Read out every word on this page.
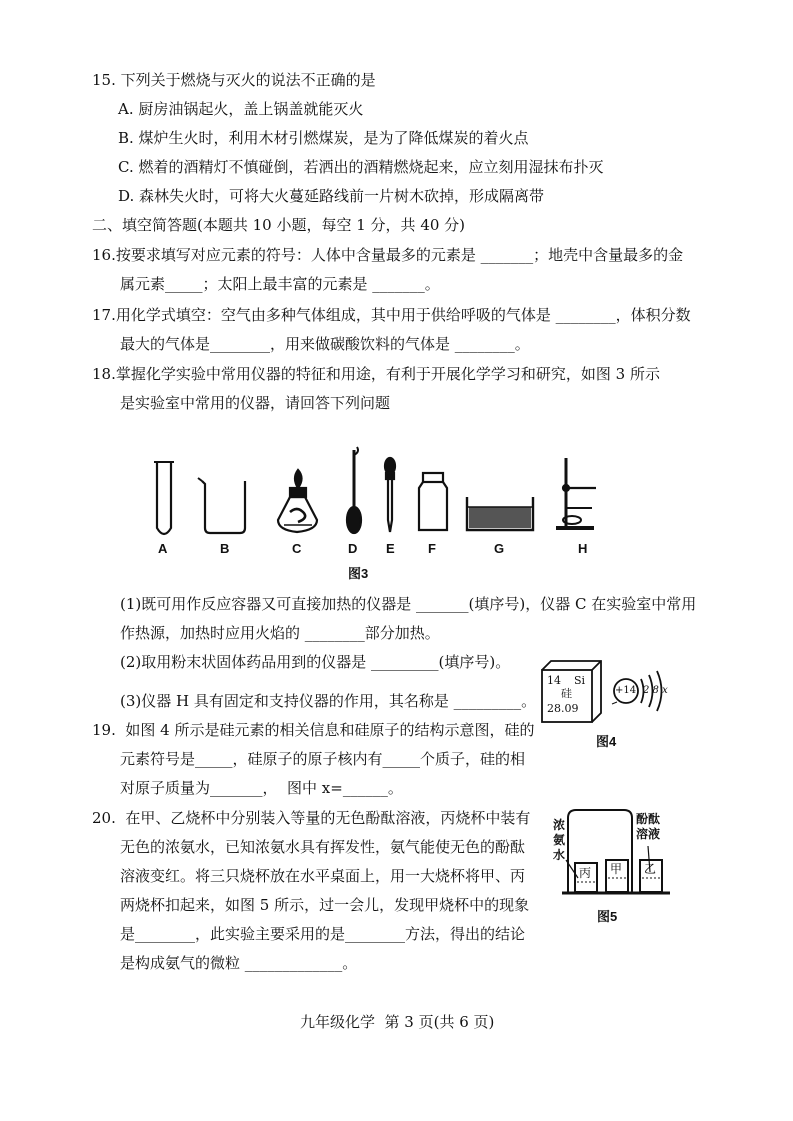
15. 下列关于燃烧与灭火的说法不正确的是
A. 厨房油锅起火，盖上锅盖就能灭火
B. 煤炉生火时，利用木材引燃煤炭，是为了降低煤炭的着火点
C. 燃着的酒精灯不慎碰倒，若洒出的酒精燃烧起来，应立刻用湿抹布扑灭
D. 森林失火时，可将大火蔓延路线前一片树木砍掉，形成隔离带
二、填空简答题(本题共 10 小题，每空 1 分，共 40 分)
16.按要求填写对应元素的符号：人体中含量最多的元素是 _______；地壳中含量最多的金
属元素_____；太阳上最丰富的元素是 _______。
17.用化学式填空：空气由多种气体组成，其中用于供给呼吸的气体是 ________，体积分数
最大的气体是________，用来做碳酸饮料的气体是 ________。
18.掌握化学实验中常用仪器的特征和用途，有利于开展化学学习和研究，如图 3 所示
是实验室中常用的仪器，请回答下列问题
A	B	C	D E	F	G	H
图3
(1)既可用作反应容器又可直接加热的仪器是 _______(填序号)，仪器 C 在实验室中常用
作热源，加热时应用火焰的 ________部分加热。
(2)取用粉末状固体药品用到的仪器是 _________(填序号)。
(3)仪器 H 具有固定和支持仪器的作用，其名称是 _________。
14 Si
硅
28.09
+14 2 8 x
图4
19.  如图 4 所示是硅元素的相关信息和硅原子的结构示意图，硅的
元素符号是_____，硅原子的原子核内有_____个质子，硅的相
对原子质量为_______，  图中 x=______。
20.  在甲、乙烧杯中分别装入等量的无色酚酞溶液，丙烧杯中装有
无色的浓氨水，已知浓氨水具有挥发性，氨气能使无色的酚酞
溶液变红。将三只烧杯放在水平桌面上，用一大烧杯将甲、丙
两烧杯扣起来，如图 5 所示，过一会儿，发现甲烧杯中的现象
是________，此实验主要采用的是________方法，得出的结论
是构成氨气的微粒 _____________。
浓氨水
酚酞溶液
丙 甲 乙
图5
九年级化学  第 3 页(共 6 页)
